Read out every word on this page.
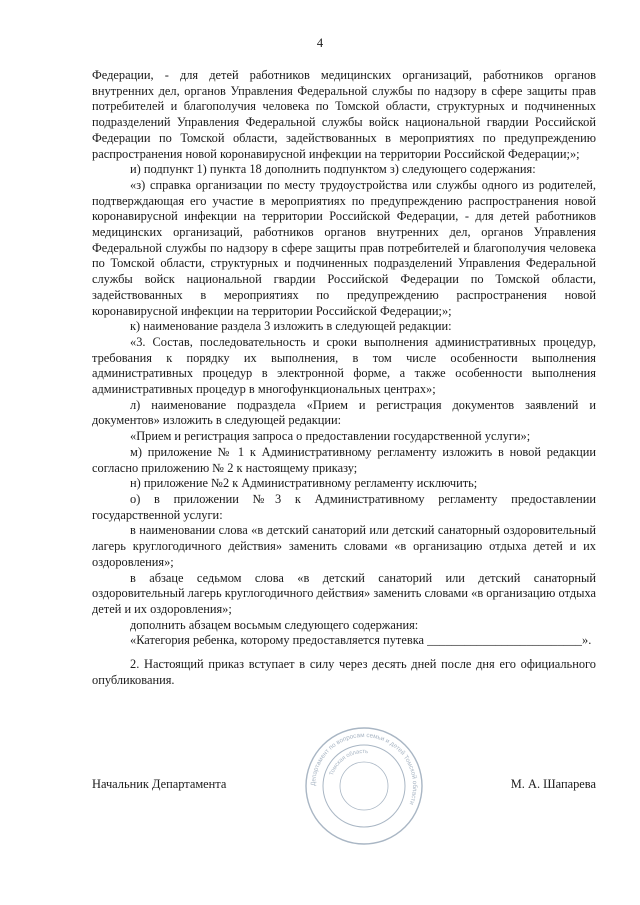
4

Федерации, - для детей работников медицинских организаций, работников органов внутренних дел, органов Управления Федеральной службы по надзору в сфере защиты прав потребителей и благополучия человека по Томской области, структурных и подчиненных подразделений Управления Федеральной службы войск национальной гвардии Российской Федерации по Томской области, задействованных в мероприятиях по предупреждению распространения новой коронавирусной инфекции на территории Российской Федерации;»;

и) подпункт 1) пункта 18 дополнить подпунктом з) следующего содержания:

«з) справка организации по месту трудоустройства или службы одного из родителей, подтверждающая его участие в мероприятиях по предупреждению распространения новой коронавирусной инфекции на территории Российской Федерации, - для детей работников медицинских организаций, работников органов внутренних дел, органов Управления Федеральной службы по надзору в сфере защиты прав потребителей и благополучия человека по Томской области, структурных и подчиненных подразделений Управления Федеральной службы войск национальной гвардии Российской Федерации по Томской области, задействованных в мероприятиях по предупреждению распространения новой коронавирусной инфекции на территории Российской Федерации;»;

к) наименование раздела 3 изложить в следующей редакции:

«3. Состав, последовательность и сроки выполнения административных процедур, требования к порядку их выполнения, в том числе особенности выполнения административных процедур в электронной форме, а также особенности выполнения административных процедур в многофункциональных центрах»;

л) наименование подраздела «Прием и регистрация документов заявлений и документов» изложить в следующей редакции:

«Прием и регистрация запроса о предоставлении государственной услуги»;

м) приложение № 1 к Административному регламенту изложить в новой редакции согласно приложению № 2 к настоящему приказу;

н) приложение №2 к Административному регламенту исключить;

о) в приложении №3 к Административному регламенту предоставлении государственной услуги:

в наименовании слова «в детский санаторий или детский санаторный оздоровительный лагерь круглогодичного действия» заменить словами «в организацию отдыха детей и их оздоровления»;

в абзаце седьмом слова «в детский санаторий или детский санаторный оздоровительный лагерь круглогодичного действия» заменить словами «в организацию отдыха детей и их оздоровления»;

дополнить абзацем восьмым следующего содержания:

«Категория ребенка, которому предоставляется путевка _________________________».

2. Настоящий приказ вступает в силу через десять дней после дня его официального опубликования.

Начальник Департамента	М. А. Шапарева
Департамент по вопросам семьи и детей Томской области
Томская область
